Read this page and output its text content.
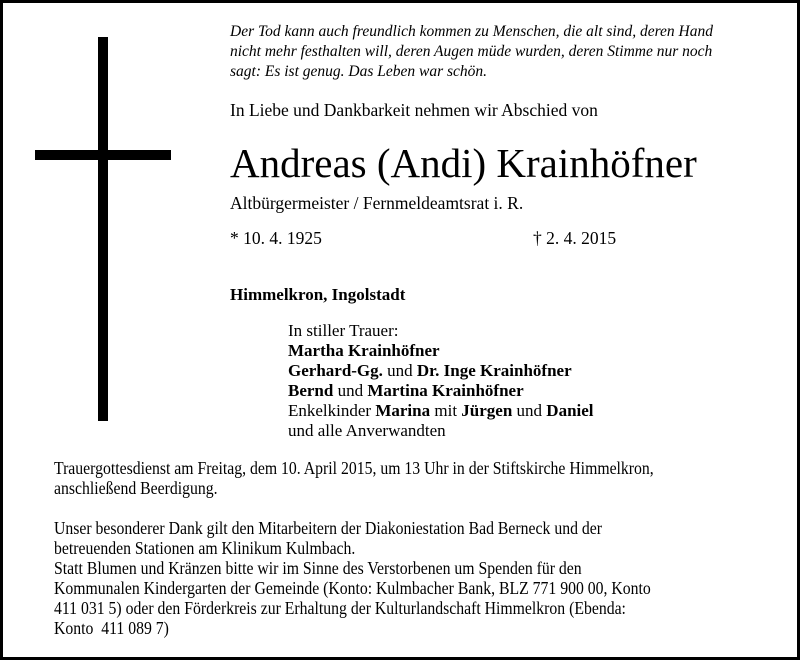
Der Tod kann auch freundlich kommen zu Menschen, die alt sind, deren Hand
nicht mehr festhalten will, deren Augen müde wurden, deren Stimme nur noch
sagt: Es ist genug. Das Leben war schön.
In Liebe und Dankbarkeit nehmen wir Abschied von
Andreas (Andi) Krainhöfner
Altbürgermeister / Fernmeldeamtsrat i. R.
* 10. 4. 1925	† 2. 4. 2015
Himmelkron, Ingolstadt
In stiller Trauer:
Martha Krainhöfner
Gerhard-Gg. und Dr. Inge Krainhöfner
Bernd und Martina Krainhöfner
Enkelkinder Marina mit Jürgen und Daniel
und alle Anverwandten
Trauergottesdienst am Freitag, dem 10. April 2015, um 13 Uhr in der Stiftskirche Himmelkron,
anschließend Beerdigung.
Unser besonderer Dank gilt den Mitarbeitern der Diakoniestation Bad Berneck und der
betreuenden Stationen am Klinikum Kulmbach.
Statt Blumen und Kränzen bitte wir im Sinne des Verstorbenen um Spenden für den
Kommunalen Kindergarten der Gemeinde (Konto: Kulmbacher Bank, BLZ 771 900 00, Konto
411 031 5) oder den Förderkreis zur Erhaltung der Kulturlandschaft Himmelkron (Ebenda:
Konto  411 089 7)
